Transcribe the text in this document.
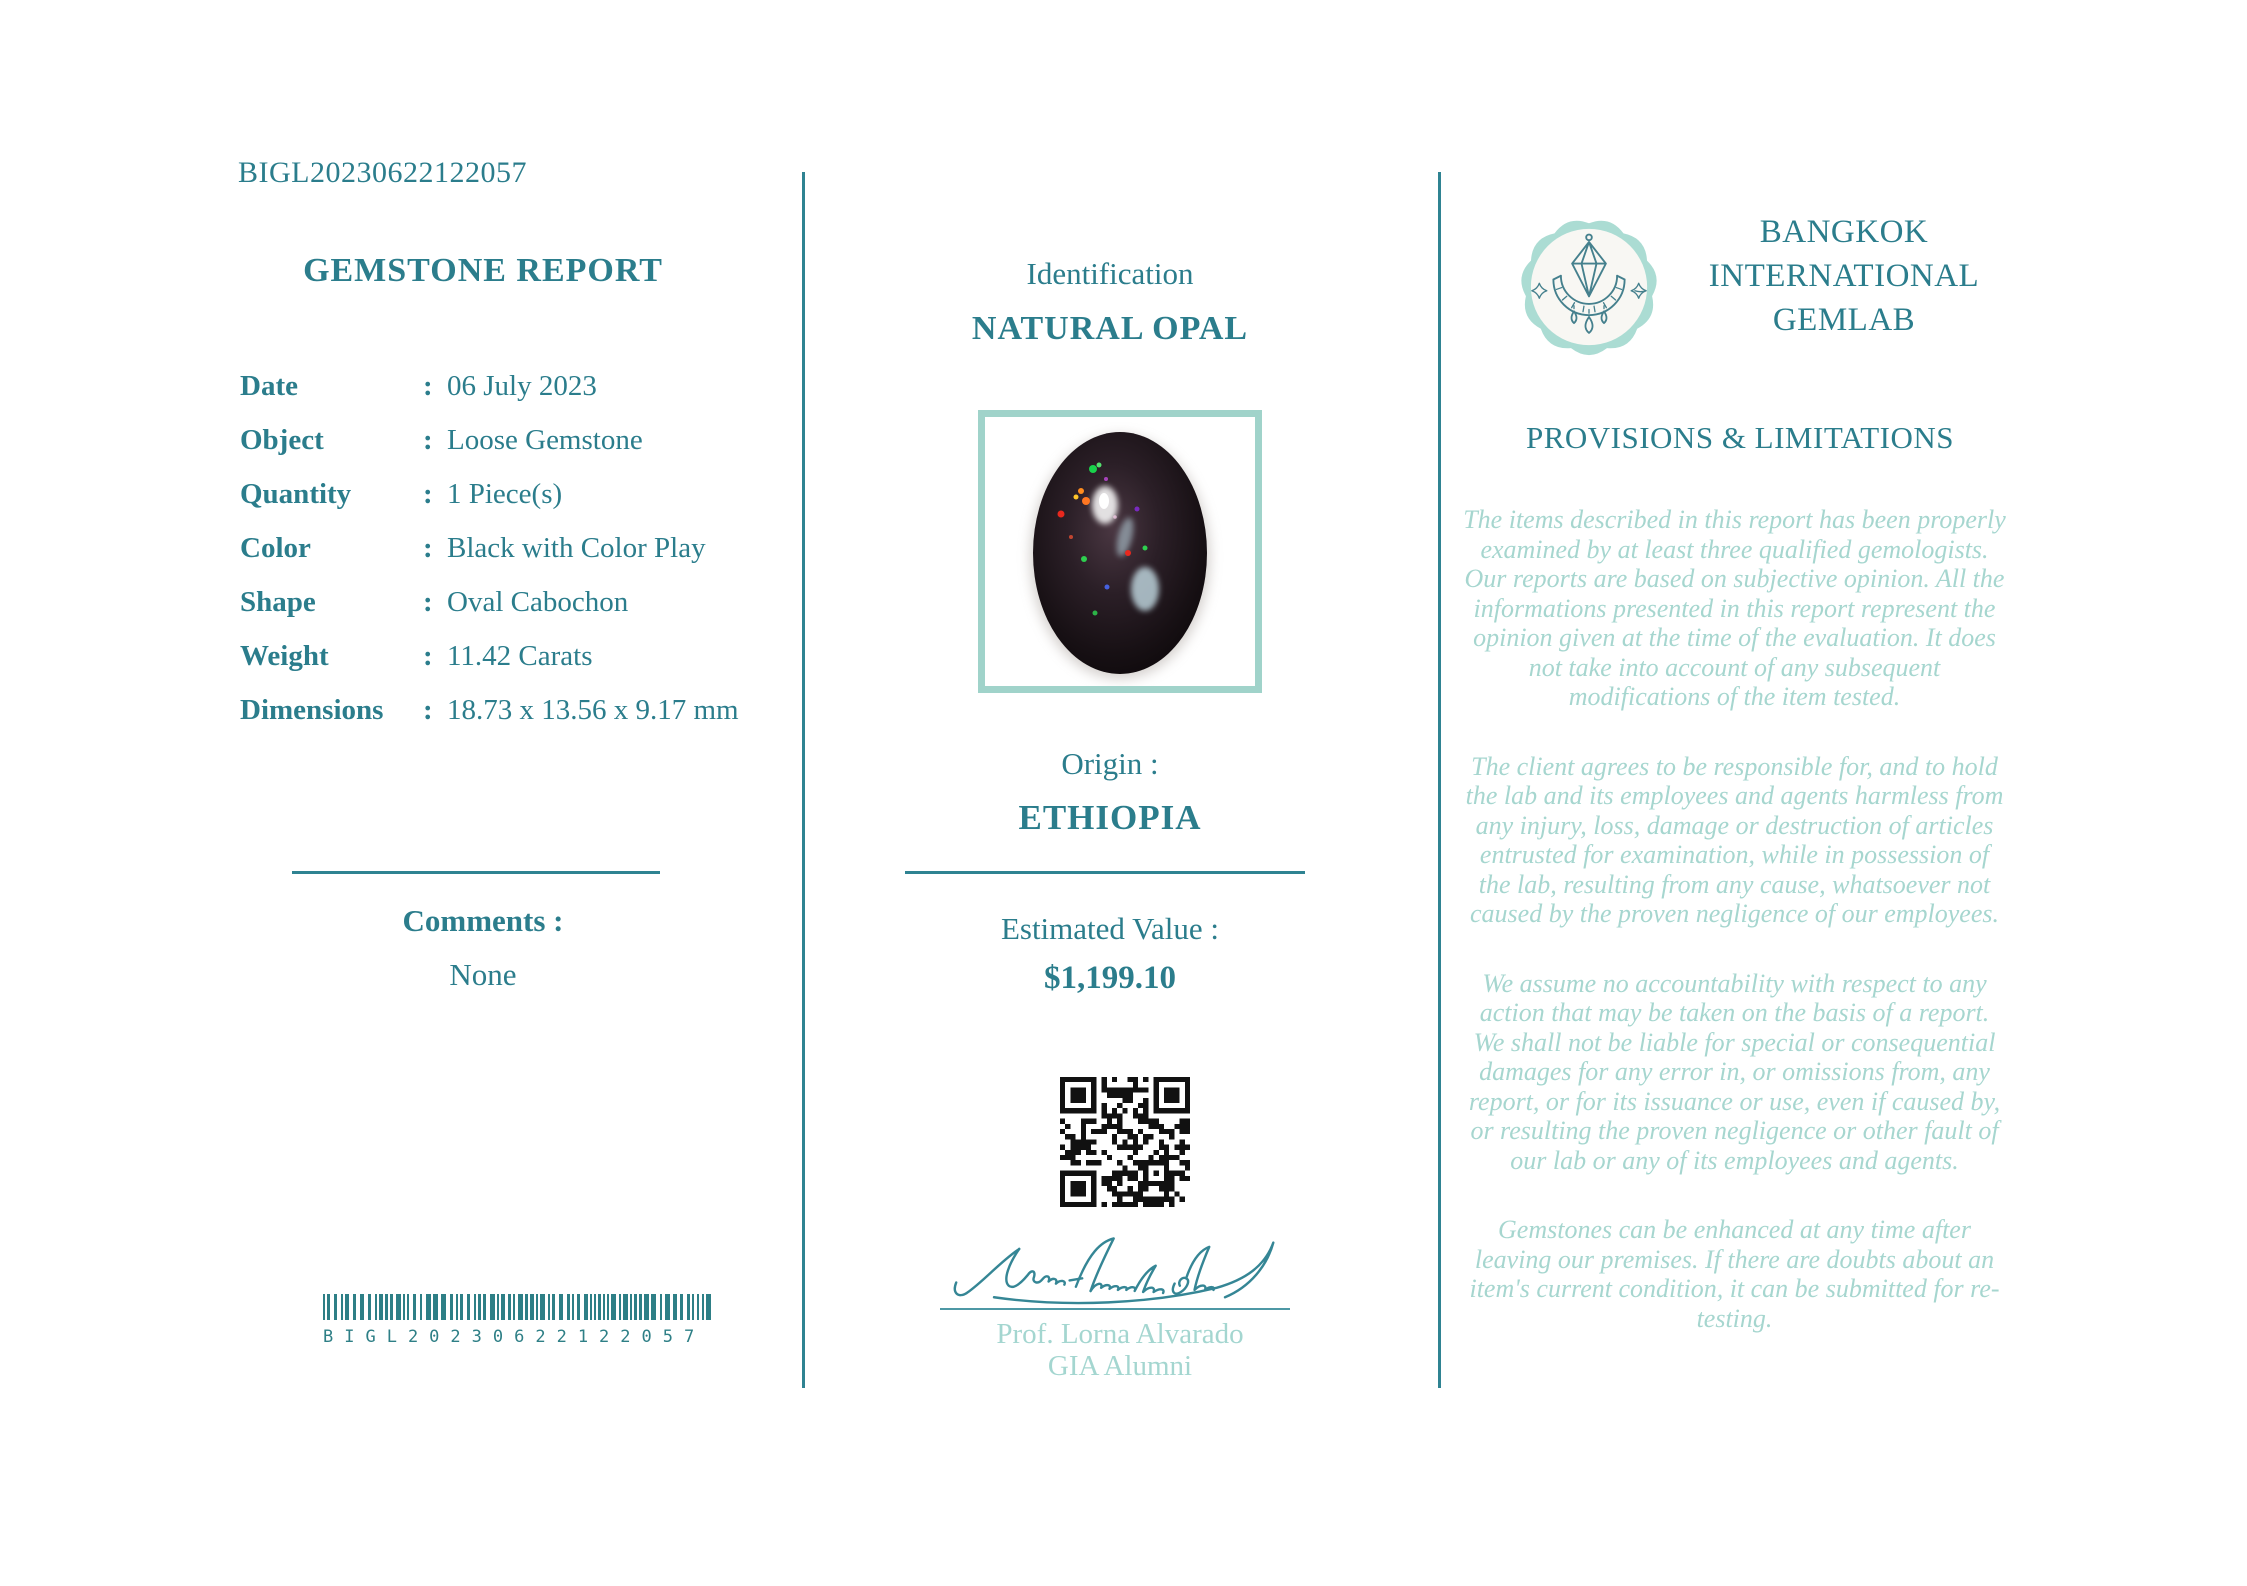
BIGL20230622122057
GEMSTONE REPORT
Date	: 06 July 2023
Object	: Loose Gemstone
Quantity	: 1 Piece(s)
Color	: Black with Color Play
Shape	: Oval Cabochon
Weight	: 11.42 Carats
Dimensions	: 18.73 x 13.56 x 9.17 mm
Comments :
None
BIGL20230622122057
Identification
NATURAL OPAL
Origin :
ETHIOPIA
Estimated Value :
$1,199.10
Prof. Lorna Alvarado
GIA Alumni
BANGKOK
INTERNATIONAL
GEMLAB
PROVISIONS & LIMITATIONS

The items described in this report has been properly examined by at least three qualified gemologists. Our reports are based on subjective opinion. All the informations presented in this report represent the opinion given at the time of the evaluation. It does not take into account of any subsequent modifications of the item tested.

The client agrees to be responsible for, and to hold the lab and its employees and agents harmless from any injury, loss, damage or destruction of articles entrusted for examination, while in possession of the lab, resulting from any cause, whatsoever not caused by the proven negligence of our employees.

We assume no accountability with respect to any action that may be taken on the basis of a report. We shall not be liable for special or consequential damages for any error in, or omissions from, any report, or for its issuance or use, even if caused by, or resulting the proven negligence or other fault of our lab or any of its employees and agents.

Gemstones can be enhanced at any time after leaving our premises. If there are doubts about an item's current condition, it can be submitted for re-testing.
